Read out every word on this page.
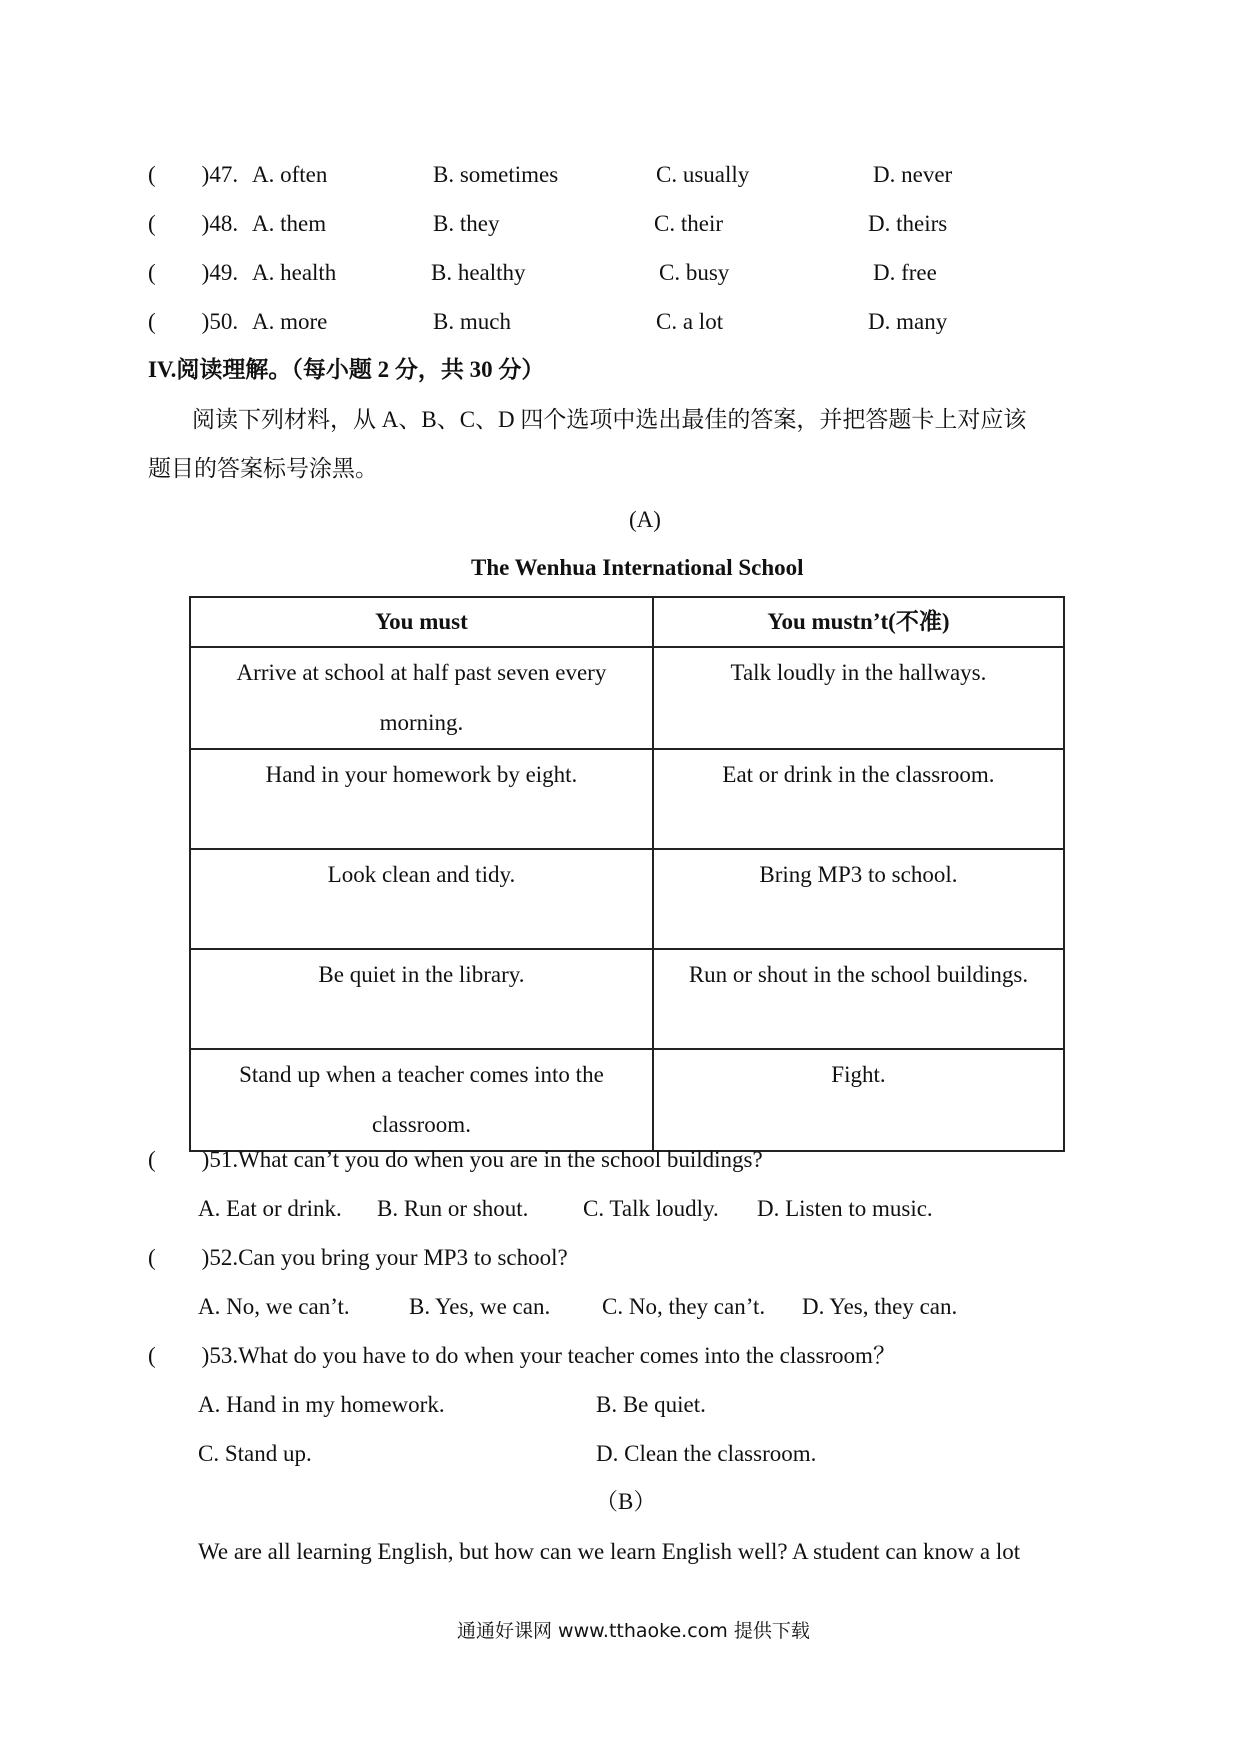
(　　)47. A. often	B. sometimes	C. usually	D. never
(　　)48. A. them	B. they	C. their	D. theirs
(　　)49. A. health	B. healthy	C. busy	D. free
(　　)50. A. more	B. much	C. a lot	D. many
IV.阅读理解。（每小题 2 分，共 30 分）
阅读下列材料，从 A、B、C、D 四个选项中选出最佳的答案，并把答题卡上对应该
题目的答案标号涂黑。
(A)
The Wenhua International School
You must	You mustn’t(不准)
Arrive at school at half past seven every morning.	Talk loudly in the hallways.
Hand in your homework by eight.	Eat or drink in the classroom.
Look clean and tidy.	Bring MP3 to school.
Be quiet in the library.	Run or shout in the school buildings.
Stand up when a teacher comes into the classroom.	Fight.
(　　)51.What can’t you do when you are in the school buildings?
A. Eat or drink. B. Run or shout. C. Talk loudly. D. Listen to music.
(　　)52.Can you bring your MP3 to school?
A. No, we can’t.	B. Yes, we can. C. No, they can’t. D. Yes, they can.
(　　)53.What do you have to do when your teacher comes into the classroom？
A. Hand in my homework.	B. Be quiet.
C. Stand up.	D. Clean the classroom.
（B）
We are all learning English, but how can we learn English well? A student can know a lot
通通好课网 www.tthaoke.com 提供下载
